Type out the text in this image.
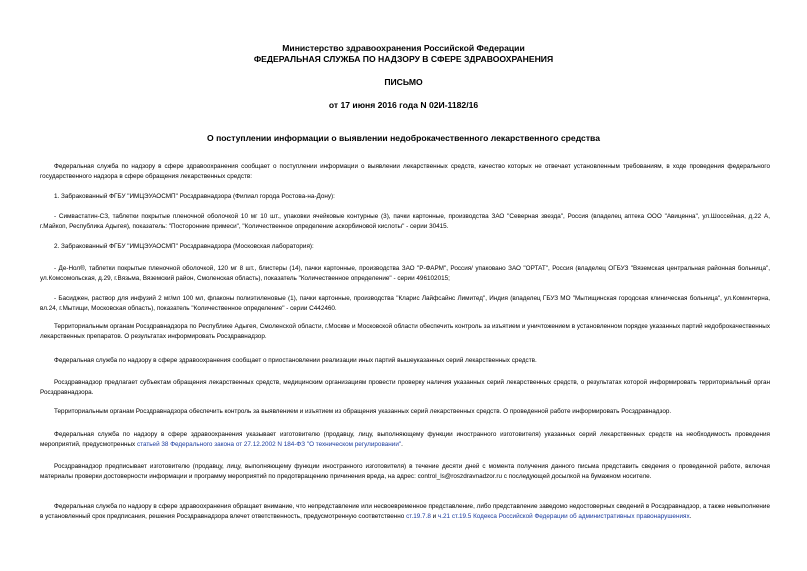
Министерство здравоохранения Российской Федерации
ФЕДЕРАЛЬНАЯ СЛУЖБА ПО НАДЗОРУ В СФЕРЕ ЗДРАВООХРАНЕНИЯ
ПИСЬМО
от 17 июня 2016 года N 02И-1182/16
О поступлении информации о выявлении недоброкачественного лекарственного средства
Федеральная служба по надзору в сфере здравоохранения сообщает о поступлении информации о выявлении лекарственных средств, качество которых не отвечает установленным требованиям, в ходе проведения федерального государственного надзора в сфере обращения лекарственных средств:
1. Забракованный ФГБУ "ИМЦЭУАОСМП" Росздравнадзора (Филиал города Ростова-на-Дону):
- Симвастатин-СЗ, таблетки покрытые пленочной оболочкой 10 мг 10 шт., упаковки ячейковые контурные (3), пачки картонные, производства ЗАО "Северная звезда", Россия (владелец аптека ООО "Авиценна", ул.Шоссейная, д.22 А, г.Майкоп, Республика Адыгея), показатель: "Посторонние примеси", "Количественное определение аскорбиновой кислоты" - серии 30415.
2. Забракованный ФГБУ "ИМЦЭУАОСМП" Росздравнадзора (Московская лаборатория):
- Де-Нол®, таблетки покрытые пленочной оболочкой, 120 мг 8 шт., блистеры (14), пачки картонные, производства ЗАО "Р-ФАРМ", Россия/ упаковано ЗАО "ОРТАТ", Россия (владелец ОГБУЗ "Вяземская центральная районная больница", ул.Комсомольская, д.29, г.Вязьма, Вяземский район, Смоленская область), показатель "Количественное определение" - серии 496102015;
- Басиджен, раствор для инфузий 2 мг/мл 100 мл, флаконы полиэтиленовые (1), пачки картонные, производства "Кларис Лайфсайнс Лимитед", Индия (владелец ГБУЗ МО "Мытищинская городская клиническая больница", ул.Коминтерна, вл.24, г.Мытищи, Московская область), показатель "Количественное определение" - серии С442460.
Территориальным органам Росздравнадзора по Республике Адыгея, Смоленской области, г.Москве и Московской области обеспечить контроль за изъятием и уничтожением в установленном порядке указанных партий недоброкачественных лекарственных препаратов. О результатах информировать Росздравнадзор.
Федеральная служба по надзору в сфере здравоохранения сообщает о приостановлении реализации иных партий вышеуказанных серий лекарственных средств.
Росздравнадзор предлагает субъектам обращения лекарственных средств, медицинским организациям провести проверку наличия указанных серий лекарственных средств, о результатах которой информировать территориальный орган Росздравнадзора.
Территориальным органам Росздравнадзора обеспечить контроль за выявлением и изъятием из обращения указанных серий лекарственных средств. О проведенной работе информировать Росздравнадзор.
Федеральная служба по надзору в сфере здравоохранения указывает изготовителю (продавцу, лицу, выполняющему функции иностранного изготовителя) указанных серий лекарственных средств на необходимость проведения мероприятий, предусмотренных статьей 38 Федерального закона от 27.12.2002 N 184-ФЗ "О техническом регулировании".
Росздравнадзор предписывает изготовителю (продавцу, лицу, выполняющему функции иностранного изготовителя) в течение десяти дней с момента получения данного письма представить сведения о проведенной работе, включая материалы проверки достоверности информации и программу мероприятий по предотвращению причинения вреда, на адрес: control_ls@roszdravnadzor.ru с последующей досылкой на бумажном носителе.
Федеральная служба по надзору в сфере здравоохранения обращает внимание, что непредставление или несвоевременное представление, либо представление заведомо недостоверных сведений в Росздравнадзор, а также невыполнение в установленный срок предписания, решения Росздравнадзора влечет ответственность, предусмотренную соответственно ст.19.7.8 и ч.21 ст.19.5 Кодекса Российской Федерации об административных правонарушениях.
